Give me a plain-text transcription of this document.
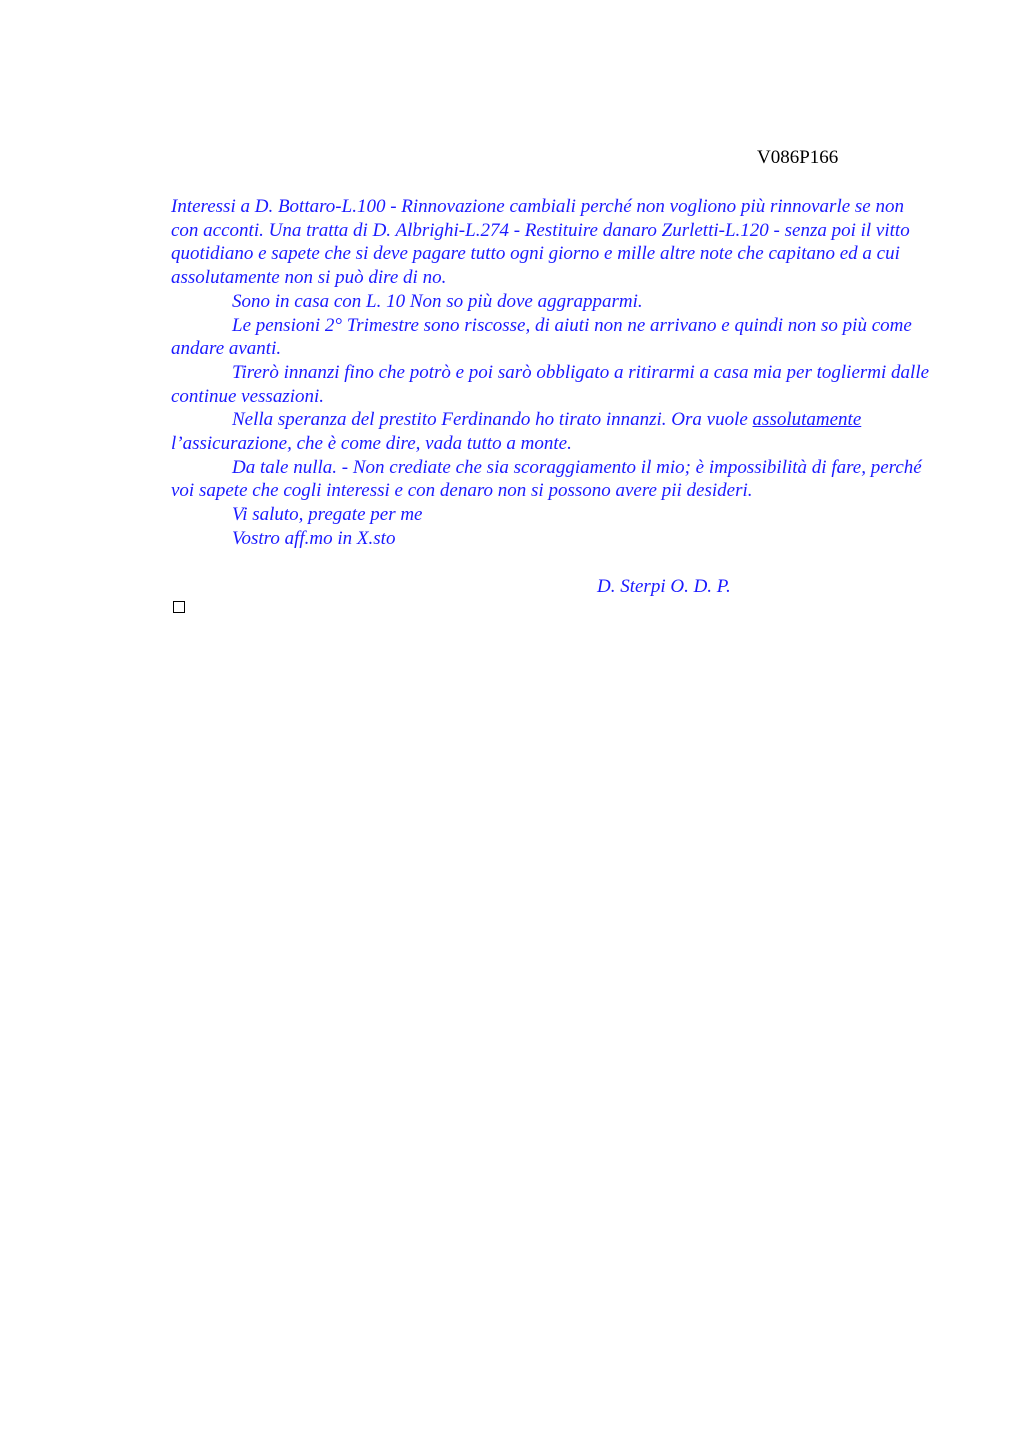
V086P166

Interessi a D. Bottaro-L.100 - Rinnovazione cambiali perché non vogliono più rinnovarle se non con acconti. Una tratta di D. Albrighi-L.274 - Restituire danaro Zurletti-L.120 - senza poi il vitto quotidiano e sapete che si deve pagare tutto ogni giorno e mille altre note che capitano ed a cui assolutamente non si può dire di no.

Sono in casa con L. 10 Non so più dove aggrapparmi.

Le pensioni 2° Trimestre sono riscosse, di aiuti non ne arrivano e quindi non so più come andare avanti.

Tirerò innanzi fino che potrò e poi sarò obbligato a ritirarmi a casa mia per togliermi dalle continue vessazioni.

Nella speranza del prestito Ferdinando ho tirato innanzi. Ora vuole assolutamente l’assicurazione, che è come dire, vada tutto a monte.

Da tale nulla. - Non crediate che sia scoraggiamento il mio; è impossibilità di fare, perché voi sapete che cogli interessi e con denaro non si possono avere pii desideri.

Vi saluto, pregate per me

Vostro aff.mo in X.sto

D. Sterpi O. D. P.
